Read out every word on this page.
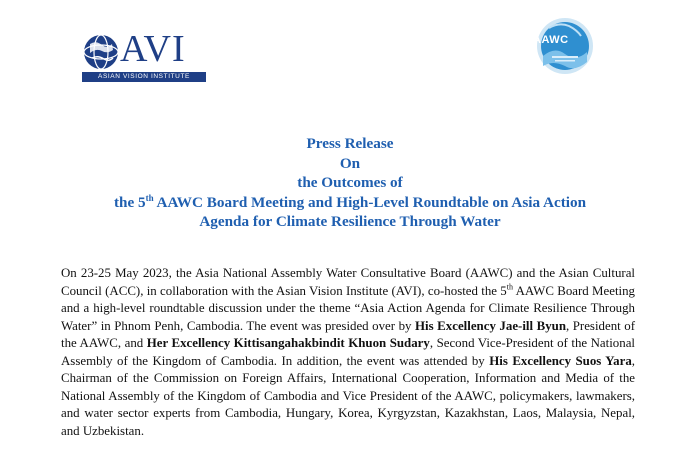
AVI
ASIAN VISION INSTITUTE
AAWC
Press Release
On
the Outcomes of
the 5th AAWC Board Meeting and High-Level Roundtable on Asia Action
Agenda for Climate Resilience Through Water

On 23-25 May 2023, the Asia National Assembly Water Consultative Board (AAWC) and the Asian Cultural Council (ACC), in collaboration with the Asian Vision Institute (AVI), co-hosted the 5th AAWC Board Meeting and a high-level roundtable discussion under the theme “Asia Action Agenda for Climate Resilience Through Water” in Phnom Penh, Cambodia. The event was presided over by His Excellency Jae-ill Byun, President of the AAWC, and Her Excellency Kittisangahakbindit Khuon Sudary, Second Vice-President of the National Assembly of the Kingdom of Cambodia. In addition, the event was attended by His Excellency Suos Yara, Chairman of the Commission on Foreign Affairs, International Cooperation, Information and Media of the National Assembly of the Kingdom of Cambodia and Vice President of the AAWC, policymakers, lawmakers, and water sector experts from Cambodia, Hungary, Korea, Kyrgyzstan, Kazakhstan, Laos, Malaysia, Nepal, and Uzbekistan.
